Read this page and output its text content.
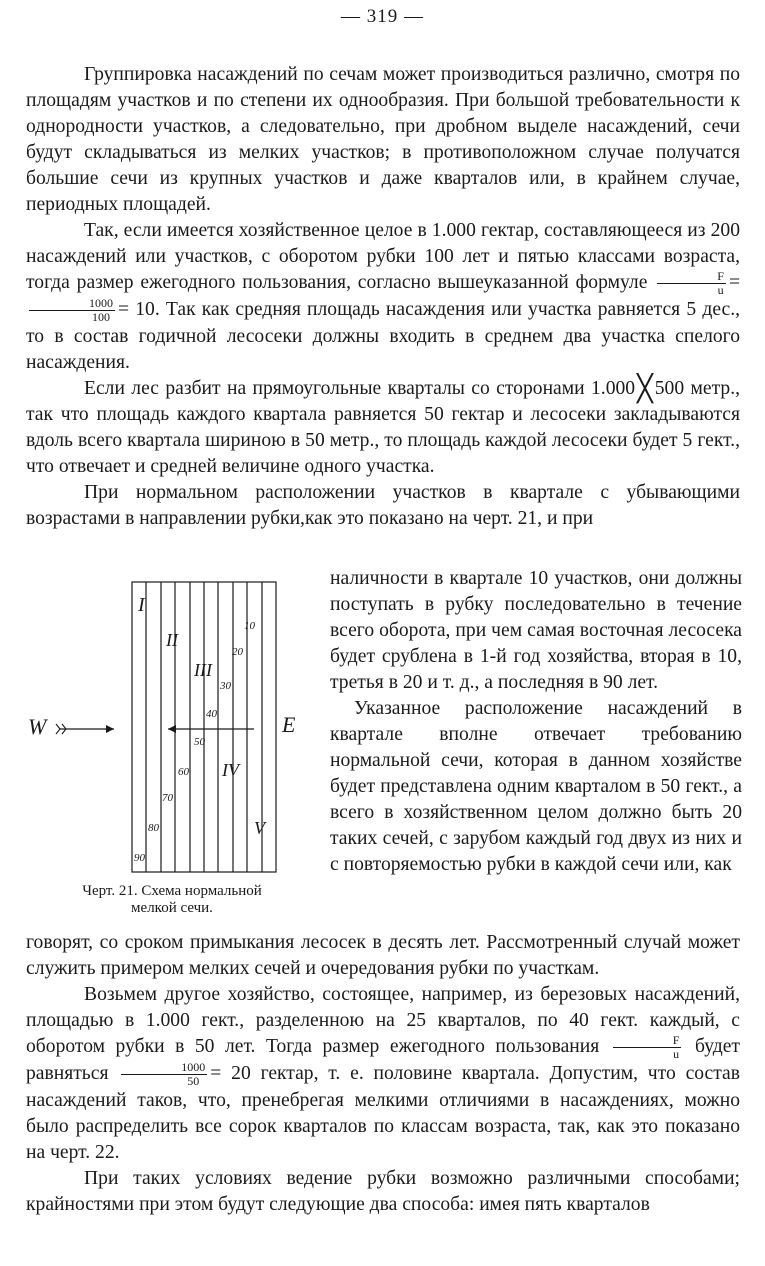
— 319 —

Группировка насаждений по сечам может производиться различно, смотря по площадям участков и по степени их однообразия. При большой требовательности к однородности участков, а следовательно, при дробном выделе насаждений, сечи будут складываться из мелких участков; в противоположном случае получатся большие сечи из крупных участков и даже кварталов или, в крайнем случае, периодных площадей.

Так, если имеется хозяйственное целое в 1.000 гектар, составляющееся из 200 насаждений или участков, с оборотом рубки 100 лет и пятью классами возраста, тогда размер ежегодного пользования, согласно вышеуказанной формуле $\frac{F}{u}$ =
$\frac{1000}{100} = 10$. Так как средняя площадь насаждения или участка равняется 5 дес., то в состав годичной лесосеки должны входить в среднем два участка спелого насаждения.

Если лес разбит на прямоугольные кварталы со сторонами 1.000╳ 500 метр., так что площадь каждого квартала равняется 50 гектар и лесосеки закладываются вдоль всего квартала шириною в 50 метр., то площадь каждой лесосеки будет 5 гект., что отвечает и средней величине одного участка.

При нормальном расположении участков в квартале с убывающими возрастами в направлении рубки,как это показано на черт. 21, и при

W	E
I
II
III
IV
V
10
20
30
40
50
60
70
80
90
Черт. 21. Схема нормальной
мелкой сечи.

наличности в квартале 10 участков, они должны поступать в рубку последовательно в течение всего оборота, при чем самая восточная лесосека будет срублена в 1-й год хозяйства, вторая в 10, третья в 20 и т. д., а последняя в 90 лет.

Указанное расположение насаждений в квартале вполне отвечает требованию нормальной сечи, которая в данном хозяйстве будет представлена одним кварталом в 50 гект., а всего в хозяйственном целом должно быть 20 таких сечей, с зарубом каждый год двух из них и с повторяемостью рубки в каждой сечи или, как

говорят, со сроком примыкания лесосек в десять лет. Рассмотренный случай может служить примером мелких сечей и очередования рубки по участкам.

Возьмем другое хозяйство, состоящее, например, из березовых насаждений, площадью в 1.000 гект., разделенною на 25 кварталов, по 40 гект. каждый, с оборотом рубки в 50 лет. Тогда размер ежегодного пользования $\frac{F}{u}$ будет равняться $\frac{1000}{50} = 20$ гектар, т. е. половине квартала. Допустим, что состав насаждений таков, что, пренебрегая мелкими отличиями в насаждениях, можно было распределить все сорок кварталов по классам возраста, так, как это показано на черт. 22.

При таких условиях ведение рубки возможно различными способами; крайностями при этом будут следующие два способа: имея пять кварталов
